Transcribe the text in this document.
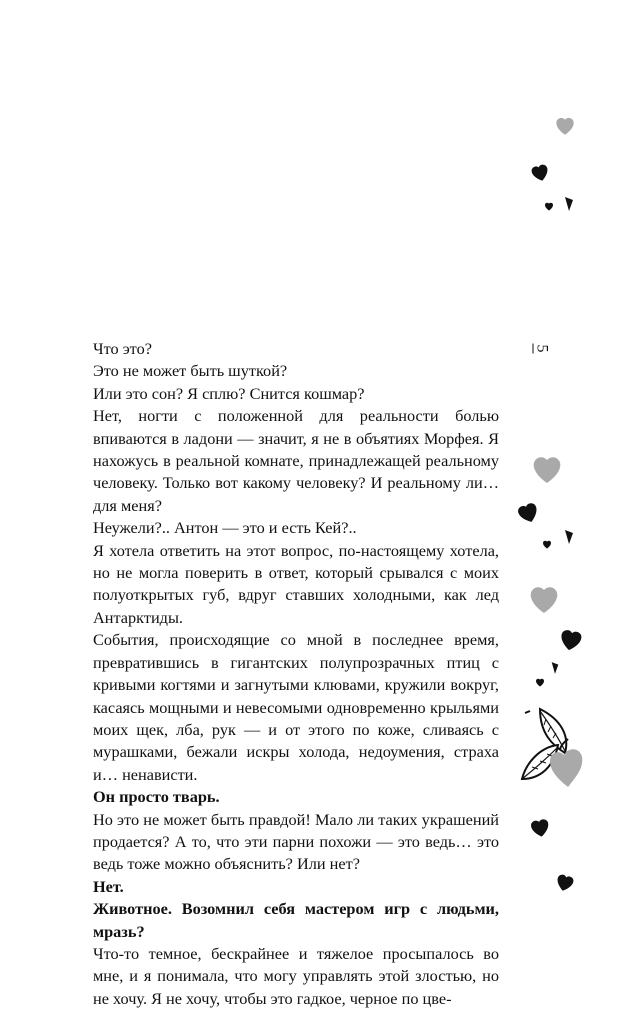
Что это?

Это не может быть шуткой?

Или это сон? Я сплю? Снится кошмар?

Нет, ногти с положенной для реальности болью впиваются в ладони — значит, я не в объятиях Морфея. Я нахожусь в реальной комнате, принадлежащей реальному человеку. Только вот какому человеку? И реальному ли… для меня?

Неужели?.. Антон — это и есть Кей?..

Я хотела ответить на этот вопрос, по-настоящему хотела, но не могла поверить в ответ, который срывался с моих полуоткрытых губ, вдруг ставших холодными, как лед Антарктиды.

События, происходящие со мной в последнее время, превратившись в гигантских полупрозрачных птиц с кривыми когтями и загнутыми клювами, кружили вокруг, касаясь мощными и невесомыми одновременно крыльями моих щек, лба, рук — и от этого по коже, сливаясь с мурашками, бежали искры холода, недоумения, страха и… ненависти.

Он просто тварь.

Но это не может быть правдой! Мало ли таких украшений продается? А то, что эти парни похожи — это ведь… это ведь тоже можно объяснить? Или нет?

Нет.

Животное. Возомнил себя мастером игр с людьми, мразь?

Что-то темное, бескрайнее и тяжелое просыпалось во мне, и я понимала, что могу управлять этой злостью, но не хочу. Я не хочу, чтобы это гадкое, черное по цве-

5
